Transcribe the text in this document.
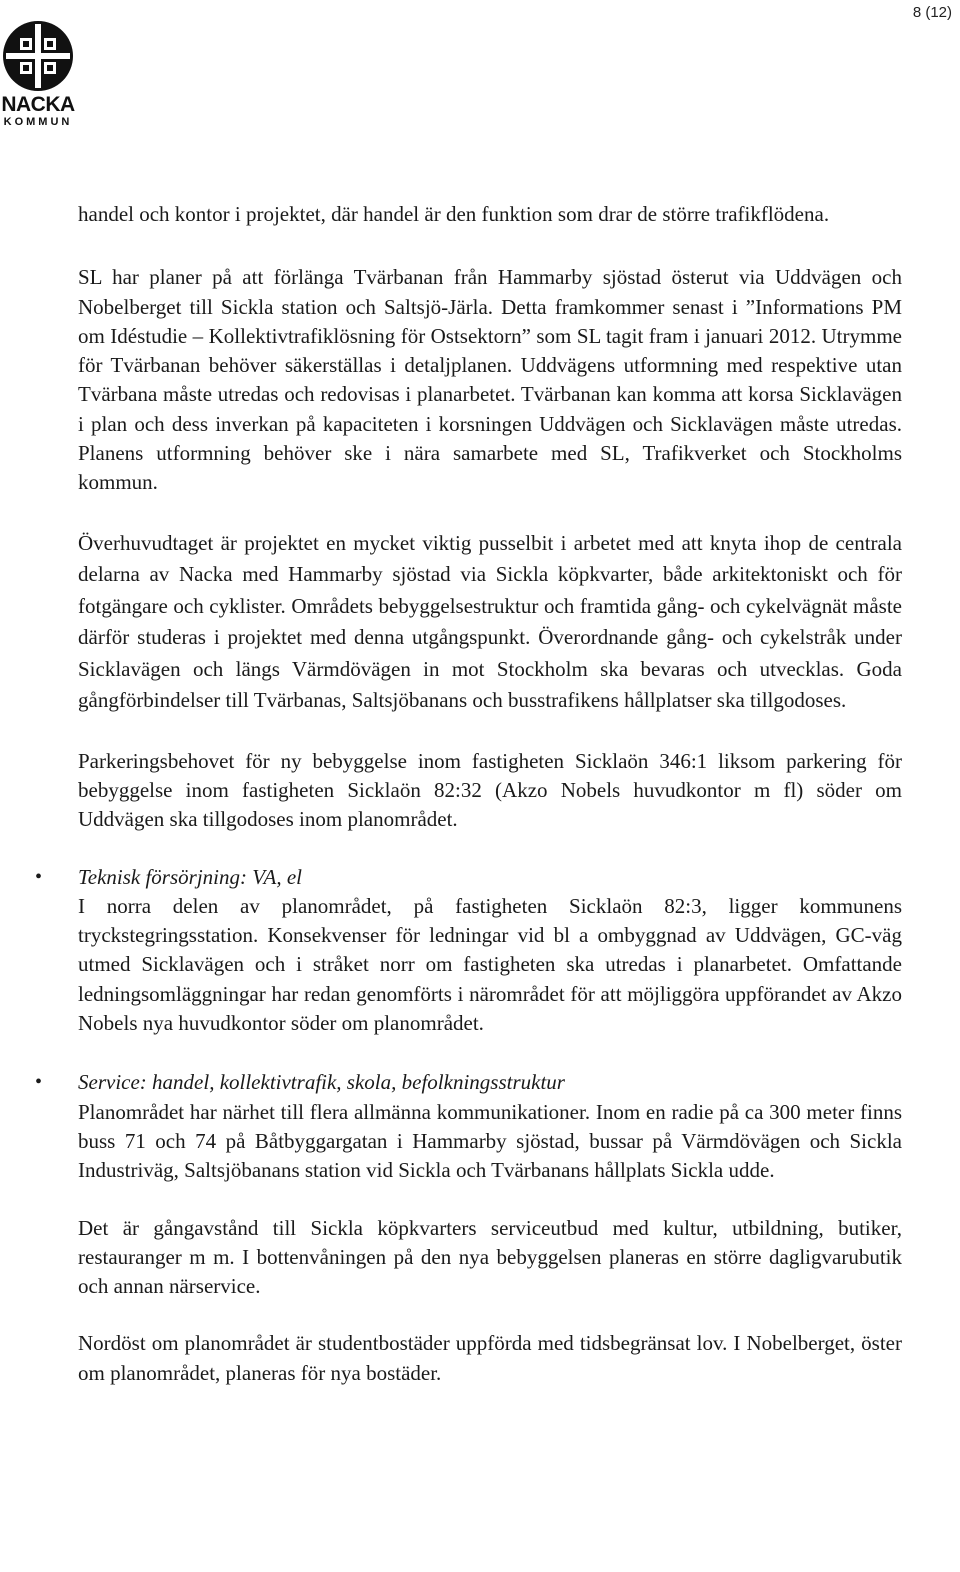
8 (12)
NACKA
KOMMUN

handel och kontor i projektet, där handel är den funktion som drar de större trafikflödena.

SL har planer på att förlänga Tvärbanan från Hammarby sjöstad österut via Uddvägen och Nobelberget till Sickla station och Saltsjö-Järla. Detta framkommer senast i ”Informations PM om Idéstudie – Kollektivtrafiklösning för Ostsektorn” som SL tagit fram i januari 2012. Utrymme för Tvärbanan behöver säkerställas i detaljplanen. Uddvägens utformning med respektive utan Tvärbana måste utredas och redovisas i planarbetet. Tvärbanan kan komma att korsa Sicklavägen i plan och dess inverkan på kapaciteten i korsningen Uddvägen och Sicklavägen måste utredas. Planens utformning behöver ske i nära samarbete med SL, Trafikverket och Stockholms kommun.

Överhuvudtaget är projektet en mycket viktig pusselbit i arbetet med att knyta ihop de centrala delarna av Nacka med Hammarby sjöstad via Sickla köpkvarter, både arkitektoniskt och för fotgängare och cyklister. Områdets bebyggelsestruktur och framtida gång- och cykelvägnät måste därför studeras i projektet med denna utgångspunkt. Överordnande gång- och cykelstråk under Sicklavägen och längs Värmdövägen in mot Stockholm ska bevaras och utvecklas. Goda gångförbindelser till Tvärbanas, Saltsjöbanans och busstrafikens hållplatser ska tillgodoses.

Parkeringsbehovet för ny bebyggelse inom fastigheten Sicklaön 346:1 liksom parkering för bebyggelse inom fastigheten Sicklaön 82:32 (Akzo Nobels huvudkontor m fl) söder om Uddvägen ska tillgodoses inom planområdet.

• Teknisk försörjning: VA, el

I norra delen av planområdet, på fastigheten Sicklaön 82:3, ligger kommunens tryckstegringsstation. Konsekvenser för ledningar vid bl a ombyggnad av Uddvägen, GC-väg utmed Sicklavägen och i stråket norr om fastigheten ska utredas i planarbetet. Omfattande ledningsomläggningar har redan genomförts i närområdet för att möjliggöra uppförandet av Akzo Nobels nya huvudkontor söder om planområdet.

• Service: handel, kollektivtrafik, skola, befolkningsstruktur

Planområdet har närhet till flera allmänna kommunikationer. Inom en radie på ca 300 meter finns buss 71 och 74 på Båtbyggargatan i Hammarby sjöstad, bussar på Värmdövägen och Sickla Industriväg, Saltsjöbanans station vid Sickla och Tvärbanans hållplats Sickla udde.

Det är gångavstånd till Sickla köpkvarters serviceutbud med kultur, utbildning, butiker, restauranger m m. I bottenvåningen på den nya bebyggelsen planeras en större dagligvarubutik och annan närservice.

Nordöst om planområdet är studentbostäder uppförda med tidsbegränsat lov. I Nobelberget, öster om planområdet, planeras för nya bostäder.
